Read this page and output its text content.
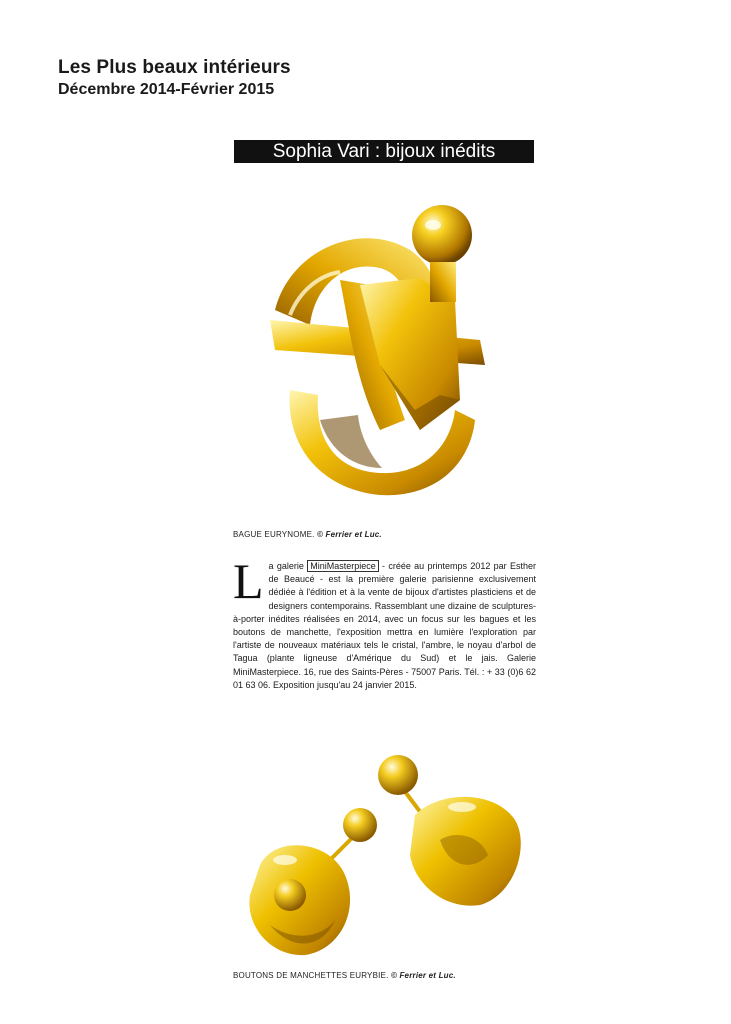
Les Plus beaux intérieurs
Décembre 2014-Février 2015
Sophia Vari : bijoux inédits
BAGUE EURYNOME. © Ferrier et Luc.
La galerie MiniMasterpiece - créée au printemps 2012 par Esther de Beaucé - est la première galerie parisienne exclusivement dédiée à l'édition et à la vente de bijoux d'artistes plasticiens et de designers contemporains. Rassemblant une dizaine de sculptures-à-porter inédites réalisées en 2014, avec un focus sur les bagues et les boutons de manchette, l'exposition mettra en lumière l'exploration par l'artiste de nouveaux matériaux tels le cristal, l'ambre, le noyau d'arbol de Tagua (plante ligneuse d'Amérique du Sud) et le jais. Galerie MiniMasterpiece. 16, rue des Saints-Pères - 75007 Paris. Tél. : + 33 (0)6 62 01 63 06. Exposition jusqu'au 24 janvier 2015.
BOUTONS DE MANCHETTES EURYBIE. © Ferrier et Luc.
